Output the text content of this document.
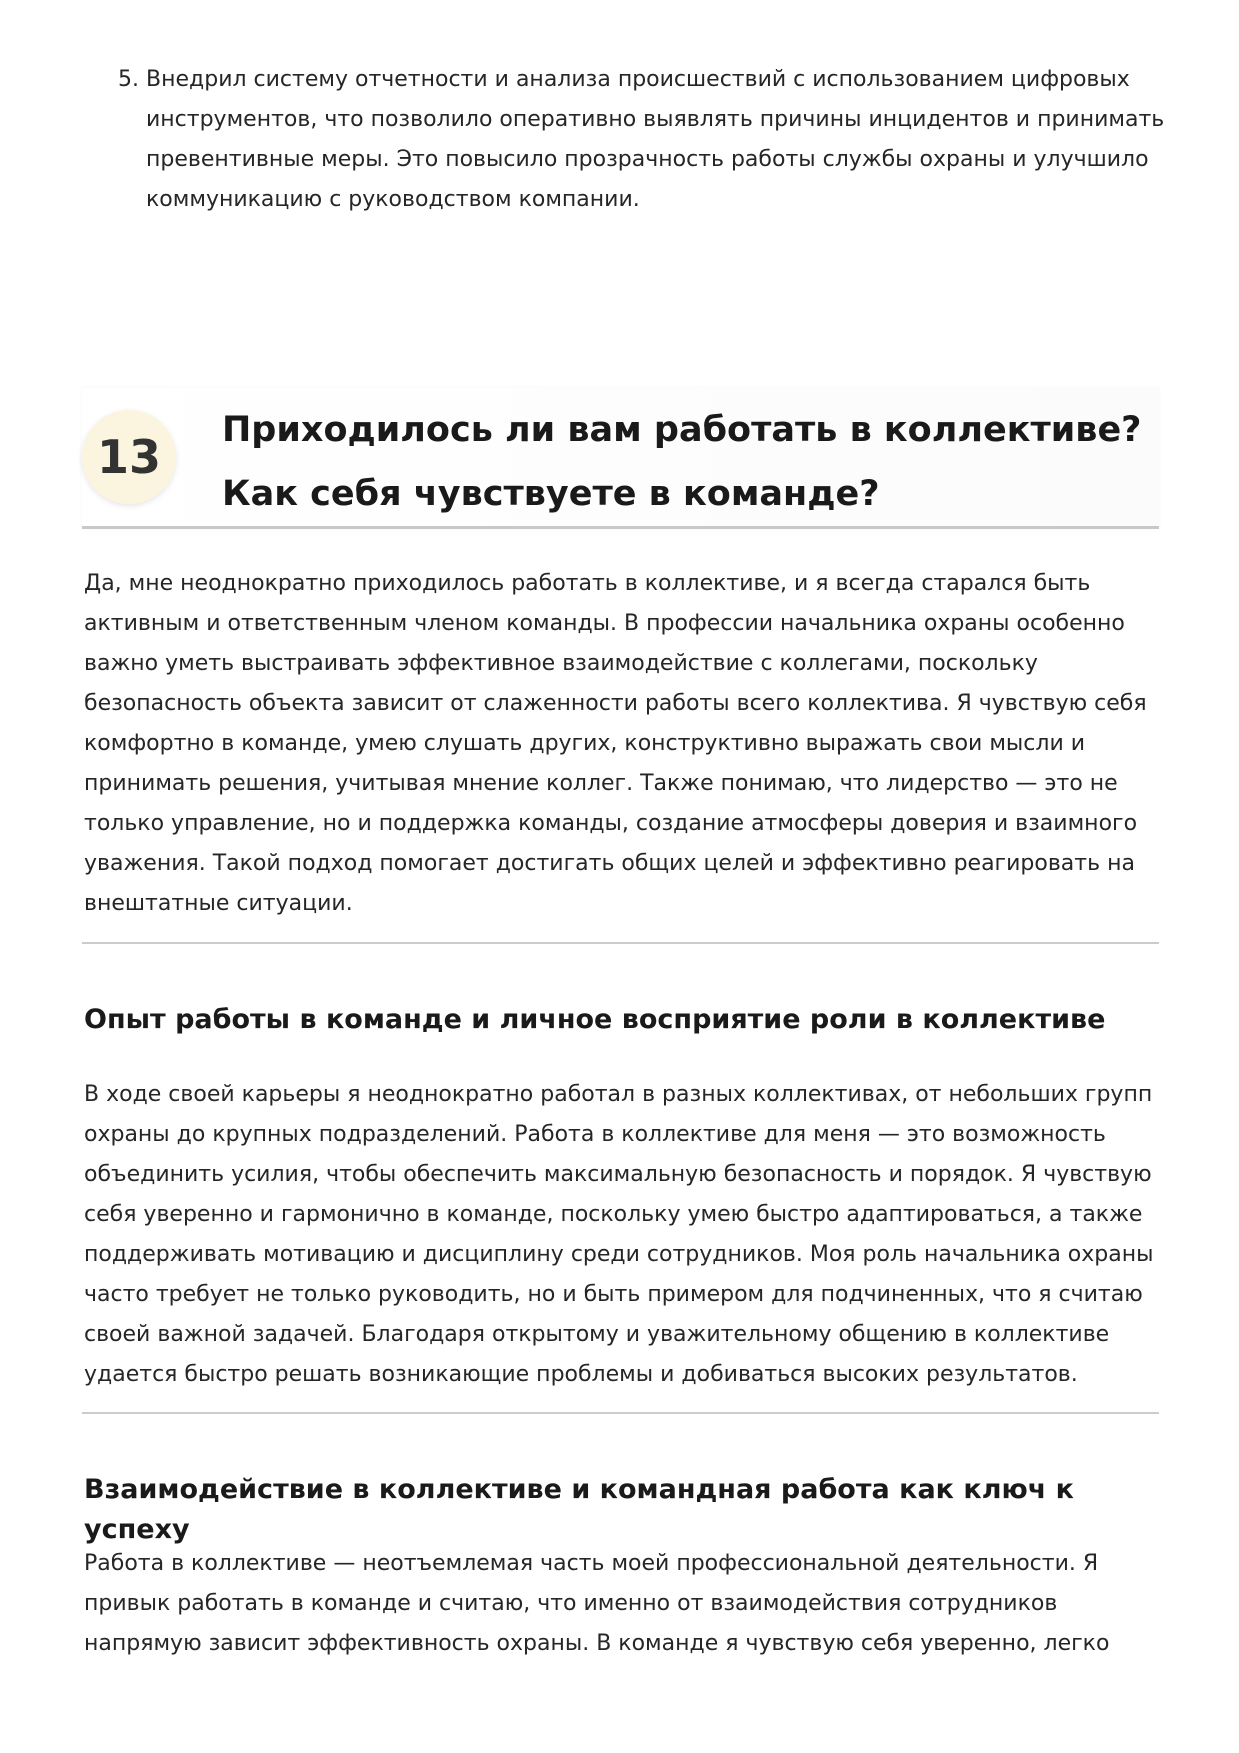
5. Внедрил систему отчетности и анализа происшествий с использованием цифровых инструментов, что позволило оперативно выявлять причины инцидентов и принимать превентивные меры. Это повысило прозрачность работы службы охраны и улучшило коммуникацию с руководством компании.
13	Приходилось ли вам работать в коллективе? Как себя чувствуете в команде?

Да, мне неоднократно приходилось работать в коллективе, и я всегда старался быть активным и ответственным членом команды. В профессии начальника охраны особенно важно уметь выстраивать эффективное взаимодействие с коллегами, поскольку безопасность объекта зависит от слаженности работы всего коллектива. Я чувствую себя комфортно в команде, умею слушать других, конструктивно выражать свои мысли и принимать решения, учитывая мнение коллег. Также понимаю, что лидерство — это не только управление, но и поддержка команды, создание атмосферы доверия и взаимного уважения. Такой подход помогает достигать общих целей и эффективно реагировать на внештатные ситуации.

Опыт работы в команде и личное восприятие роли в коллективе

В ходе своей карьеры я неоднократно работал в разных коллективах, от небольших групп охраны до крупных подразделений. Работа в коллективе для меня — это возможность объединить усилия, чтобы обеспечить максимальную безопасность и порядок. Я чувствую себя уверенно и гармонично в команде, поскольку умею быстро адаптироваться, а также поддерживать мотивацию и дисциплину среди сотрудников. Моя роль начальника охраны часто требует не только руководить, но и быть примером для подчиненных, что я считаю своей важной задачей. Благодаря открытому и уважительному общению в коллективе удается быстро решать возникающие проблемы и добиваться высоких результатов.

Взаимодействие в коллективе и командная работа как ключ к успеху

Работа в коллективе — неотъемлемая часть моей профессиональной деятельности. Я привык работать в команде и считаю, что именно от взаимодействия сотрудников напрямую зависит эффективность охраны. В команде я чувствую себя уверенно, легко
